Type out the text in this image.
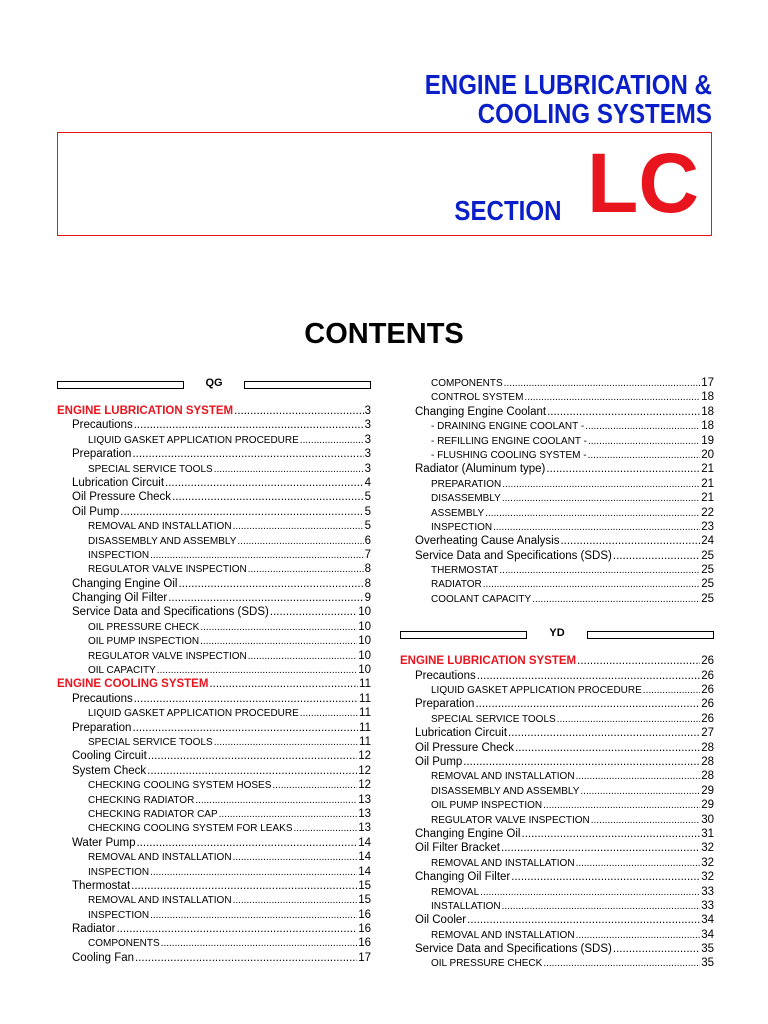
ENGINE LUBRICATION &
COOLING SYSTEMS
SECTION LC
CONTENTS
QG
ENGINE LUBRICATION SYSTEM .....	3
Precautions .....	3
LIQUID GASKET APPLICATION PROCEDURE .....	3
Preparation .....	3
SPECIAL SERVICE TOOLS .....	3
Lubrication Circuit .....	4
Oil Pressure Check .....	5
Oil Pump .....	5
REMOVAL AND INSTALLATION .....	5
DISASSEMBLY AND ASSEMBLY .....	6
INSPECTION .....	7
REGULATOR VALVE INSPECTION .....	8
Changing Engine Oil .....	8
Changing Oil Filter .....	9
Service Data and Specifications (SDS) .....	10
OIL PRESSURE CHECK .....	10
OIL PUMP INSPECTION .....	10
REGULATOR VALVE INSPECTION .....	10
OIL CAPACITY .....	10
ENGINE COOLING SYSTEM .....	11
Precautions .....	11
LIQUID GASKET APPLICATION PROCEDURE .....	11
Preparation .....	11
SPECIAL SERVICE TOOLS .....	11
Cooling Circuit .....	12
System Check .....	12
CHECKING COOLING SYSTEM HOSES .....	12
CHECKING RADIATOR .....	13
CHECKING RADIATOR CAP .....	13
CHECKING COOLING SYSTEM FOR LEAKS .....	13
Water Pump .....	14
REMOVAL AND INSTALLATION .....	14
INSPECTION .....	14
Thermostat .....	15
REMOVAL AND INSTALLATION .....	15
INSPECTION .....	16
Radiator .....	16
COMPONENTS .....	16
Cooling Fan .....	17
COMPONENTS .....	17
CONTROL SYSTEM .....	18
Changing Engine Coolant .....	18
- DRAINING ENGINE COOLANT - .....	18
- REFILLING ENGINE COOLANT - .....	19
- FLUSHING COOLING SYSTEM - .....	20
Radiator (Aluminum type) .....	21
PREPARATION .....	21
DISASSEMBLY .....	21
ASSEMBLY .....	22
INSPECTION .....	23
Overheating Cause Analysis .....	24
Service Data and Specifications (SDS) .....	25
THERMOSTAT .....	25
RADIATOR .....	25
COOLANT CAPACITY .....	25
YD
ENGINE LUBRICATION SYSTEM .....	26
Precautions .....	26
LIQUID GASKET APPLICATION PROCEDURE .....	26
Preparation .....	26
SPECIAL SERVICE TOOLS .....	26
Lubrication Circuit .....	27
Oil Pressure Check .....	28
Oil Pump .....	28
REMOVAL AND INSTALLATION .....	28
DISASSEMBLY AND ASSEMBLY .....	29
OIL PUMP INSPECTION .....	29
REGULATOR VALVE INSPECTION .....	30
Changing Engine Oil .....	31
Oil Filter Bracket .....	32
REMOVAL AND INSTALLATION .....	32
Changing Oil Filter .....	32
REMOVAL .....	33
INSTALLATION .....	33
Oil Cooler .....	34
REMOVAL AND INSTALLATION .....	34
Service Data and Specifications (SDS) .....	35
OIL PRESSURE CHECK .....	35
